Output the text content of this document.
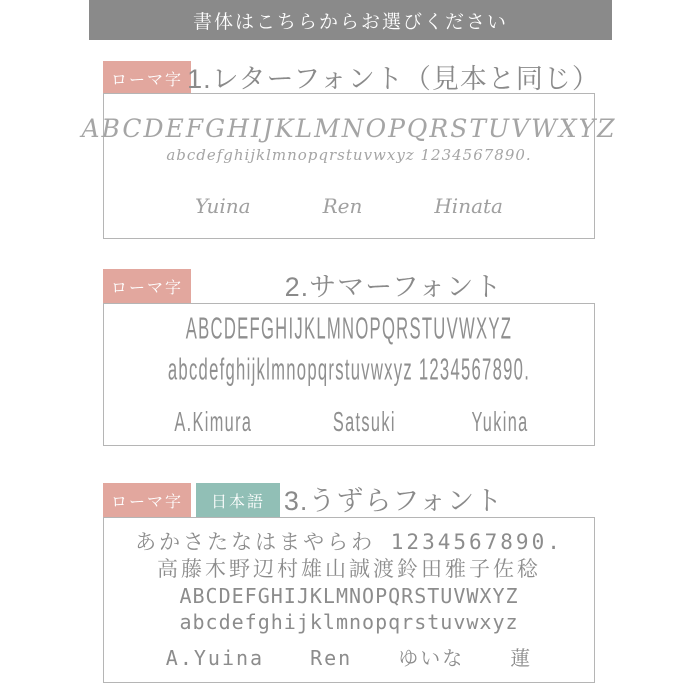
書体はこちらからお選びください
ローマ字 1.レターフォント（見本と同じ）
ABCDEFGHIJKLMNOPQRSTUVWXYZ
abcdefghijklmnopqrstuvwxyz 1234567890.
Yuina	Ren	Hinata
ローマ字	2.サマーフォント
ABCDEFGHIJKLMNOPQRSTUVWXYZ
abcdefghijklmnopqrstuvwxyz 1234567890.
A.Kimura	Satsuki	Yukina
ローマ字	日本語 3.うずらフォント
あかさたなはまやらわ 1234567890.
高藤木野辺村雄山誠渡鈴田雅子佐稔
ABCDEFGHIJKLMNOPQRSTUVWXYZ
abcdefghijklmnopqrstuvwxyz
A.Yuina Ren ゆいな 蓮
